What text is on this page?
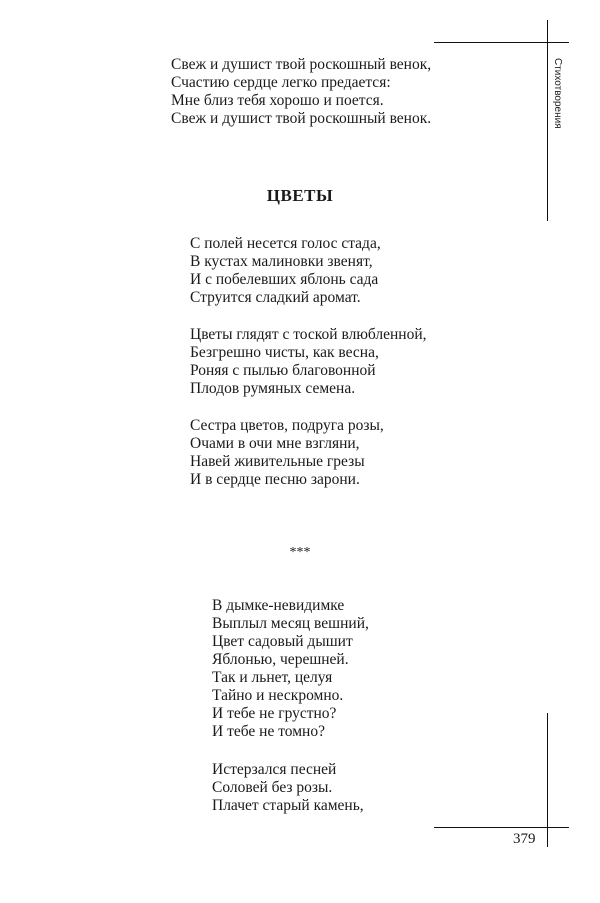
Стихотворения
379
Свеж и душист твой роскошный венок,
Счастию сердце легко предается:
Мне близ тебя хорошо и поется.
Свеж и душист твой роскошный венок.
ЦВЕТЫ
С полей несется голос стада,
В кустах малиновки звенят,
И с побелевших яблонь сада
Струится сладкий аромат.
Цветы глядят с тоской влюбленной,
Безгрешно чисты, как весна,
Роняя с пылью благовонной
Плодов румяных семена.
Сестра цветов, подруга розы,
Очами в очи мне взгляни,
Навей живительные грезы
И в сердце песню зарони.
***
В дымке-невидимке
Выплыл месяц вешний,
Цвет садовый дышит
Яблонью, черешней.
Так и льнет, целуя
Тайно и нескромно.
И тебе не грустно?
И тебе не томно?
Истерзался песней
Соловей без розы.
Плачет старый камень,
